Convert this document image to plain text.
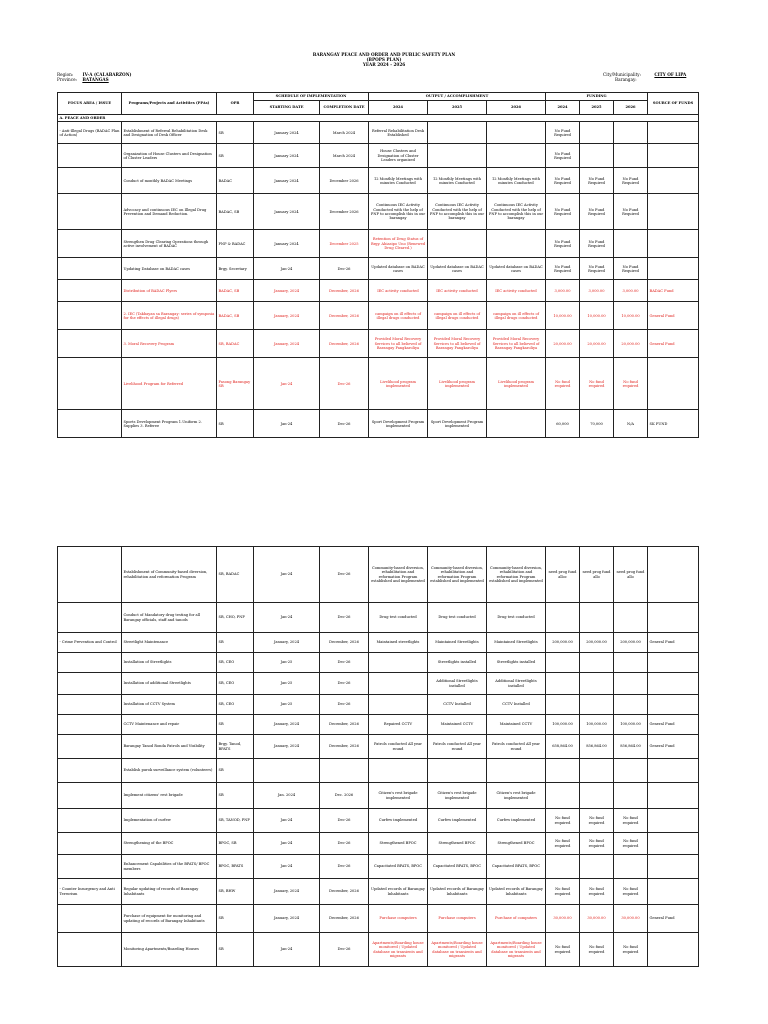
BARANGAY PEACE AND ORDER AND PUBLIC SAFETY PLAN
(BPOPS PLAN)
YEAR 2024 - 2026
Region: IV-A (CALABARZON)
Province: BATANGAS
City/Municipality:	CITY OF LIPA
Barangay:
FOCUS AREA / ISSUE	Programs/Projects and Activities (PPAs)	OPR	SCHEDULE OF IMPLEMENTATION		OUTPUT / ACCOMPLISHMENT			FUNDING			SOURCE OF FUNDS
			STARTING DATE	COMPLETION DATE	2024	2025	2026	2024	2025	2026	
A. PEACE AND ORDER											
- Anti-Illegal Drugs (BADAC Plan of Action)	Establishment of Referral Rehabilitation Desk and Designation of Desk Officer	SB	January 2024	March 2024	Referral Rehabilitation Desk Established			No Fund Required			
	Organization of House Clusters and Designation of Cluster Leaders	SB	January 2024	March 2024	House Clusters and Designation of Cluster Leaders organized			No Fund Required			
	Conduct of monthly BADAC Meetings	BADAC	January 2024	December 2026	12 Monthly Meetings with minutes Conducted	12 Monthly Meetings with minutes Conducted	12 Monthly Meetings with minutes Conducted	No Fund Required	No Fund Required	No Fund Required	
	Advocacy and continuous IEC on Illegal Drug Prevention and Demand Reduction.	BADAC, SB	January 2024	December 2026	Continuous IEC Activity Conducted with the help of PNP to accomplish this in our barangay	Continuous IEC Activity Conducted with the help of PNP to accomplish this in our barangay	Continuous IEC Activity Conducted with the help of PNP to accomplish this in our barangay	No Fund Required	No Fund Required	No Fund Required	
	Strengthen Drug Clearing Operations through active involvement of BADAC	PNP & BADAC	January 2024	December 2025	Retention of Drug Status of Brgy. Ahiasipo Uno (Renewed Drug Cleared.)			No Fund Required	No Fund Required		
	Updating Database on BADAC cases	Brgy. Secretary	Jan-24	Dec-26	Updated database on BADAC cases	Updated database on BADAC cases	Updated database on BADAC cases	No Fund Required	No Fund Required	No Fund Required	
	Distribution of BADAC Flyers	BADAC, SB	January, 2024	December, 2026	IEC activity conducted	IEC activity conducted	IEC activity conducted	3,000.00	3,000.00	3,000.00	BADAC Fund
	2. IEC (Takbayan sa Barangay: series of symposia for the effects of illegal drugs)	BADAC, SB	January, 2024	December, 2026	campaign on ill effects of illegal drugs conducted	campaign on ill effects of illegal drugs conducted	campaign on ill effects of illegal drugs conducted	10,000.00	10,000.00	10,000.00	General Fund
	3. Moral Recovery Program	SB, BADAC	January, 2024	December, 2026	Provided Moral Recovery Services to all believed of Barangay Pangkaroliya	Provided Moral Recovery Services to all believed of Barangay Pangkaroliya	Provided Moral Recovery Services to all believed of Barangay Pangkaroliya	20,000.00	20,000.00	20,000.00	General Fund
	Livelihood Program for Referred	Pasong Barangay SB	Jan-24	Dec-26	Livelihood program implemented	Livelihood program implemented	Livelihood program implemented	No fund required	No fund required	No fund required	
	Sports Development Program 1.Uniform 2. Supplies 3. Referee	SB	Jan-24	Dec-26	Sport Development Program implemented	Sport Development Program implemented		60,000	70,000	N/A	SK FUND
	Establishment of Community-based diversion, rehabilitation and reformation Program	SB, BADAC	Jan-24	Dec-26	Community-based diversion, rehabilitation and reformation Program established and implemented	Community-based diversion, rehabilitation and reformation Program established and implemented	Community-based diversion, rehabilitation and reformation Program established and implemented	need prog fund alloc	need prog fund allo	need prog fund allo	
	Conduct of Mandatory drug testing for all Barangay officials, staff and tanods	SB, CHO, PNP	Jan-24	Dec-26	Drug test conducted	Drug test conducted	Drug test conducted				
- Crime Prevention and Control	Streetlight Maintenance	SB	January, 2024	December, 2026	Maintained streetlights	Maintained Streetlights	Maintained Streetlights	200,000.00	200,000.00	200,000.00	General Fund
	Installation of Streetlights	SB, CEO	Jan-25	Dec-26		Streetlights installed	Streetlights installed				
	Installation of additional Streetlights	SB, CEO	Jan-25	Dec-26		Additional Streetlights installed	Additional Streetlights installed				
	Installation of CCTV System	SB, CEO	Jan-25	Dec-26		CCTV Installed	CCTV Installed				
	CCTV Maintenance and repair	SB	January, 2024	December, 2026	Repaired CCTV	Maintained CCTV	Maintained CCTV	100,000.00	100,000.00	100,000.00	General Fund
	Barangay Tanod Ronda Patrols and Visibility	Brgy. Tanod, BPATS	January, 2024	December, 2026	Patrols conducted All year round	Patrols conducted All year round	Patrols conducted All year round	658,864.00	856,864.00	856,864.00	General Fund
	Establish purok surveillance system (volunteers)	SB									
	Implement citizens' rest brigade	SB	Jan. 2024	Dec. 2026	Citizen's rest brigade implemented	Citizen's rest brigade implemented	Citizen's rest brigade implemented				
	Implementation of curfew	SB, TANOD, PNP	Jan-24	Dec-26	Curfew implemented	Curfew implemented	Curfew implemented	No fund required	No fund required	No fund required	
	Strengthening of the BPOC	BPOC, SB	Jan-24	Dec-26	Strengthened BPOC	Strengthened BPOC	Strengthened BPOC	No fund required	No fund required	No fund required	
	Enhancement Capabilities of the BPATS/ BPOC members	BPOC, BPATS	Jan-24	Dec-26	Capacitated BPATS, BPOC	Capacitated BPATS, BPOC	Capacitated BPATS, BPOC				
- Counter Insurgency and Anti Terrorism	Regular updating of records of Barangay Inhabitants	SB, BHW	January, 2024	December, 2026	Updated records of Barangay Inhabitants	Updated records of Barangay Inhabitants	Updated records of Barangay Inhabitants	No fund required	No fund required	No fund required	
	Purchase of equipment for monitoring and updating of records of Barangay Inhabitants	SB	January, 2024	December, 2026	Purchase computers	Purchase computers	Purchase of computers	30,000.00	30,000.00	30,000.00	General Fund
	Monitoring Apartments/Boarding Houses	SB	Jan-24	Dec-26	Apartments/Boarding house monitored / Updated database on transients and migrants	Apartments/Boarding house monitored / Updated database on transients and migrants	Apartments/Boarding house monitored / Updated database on transients and migrants	No fund required	No fund required	No fund required	
